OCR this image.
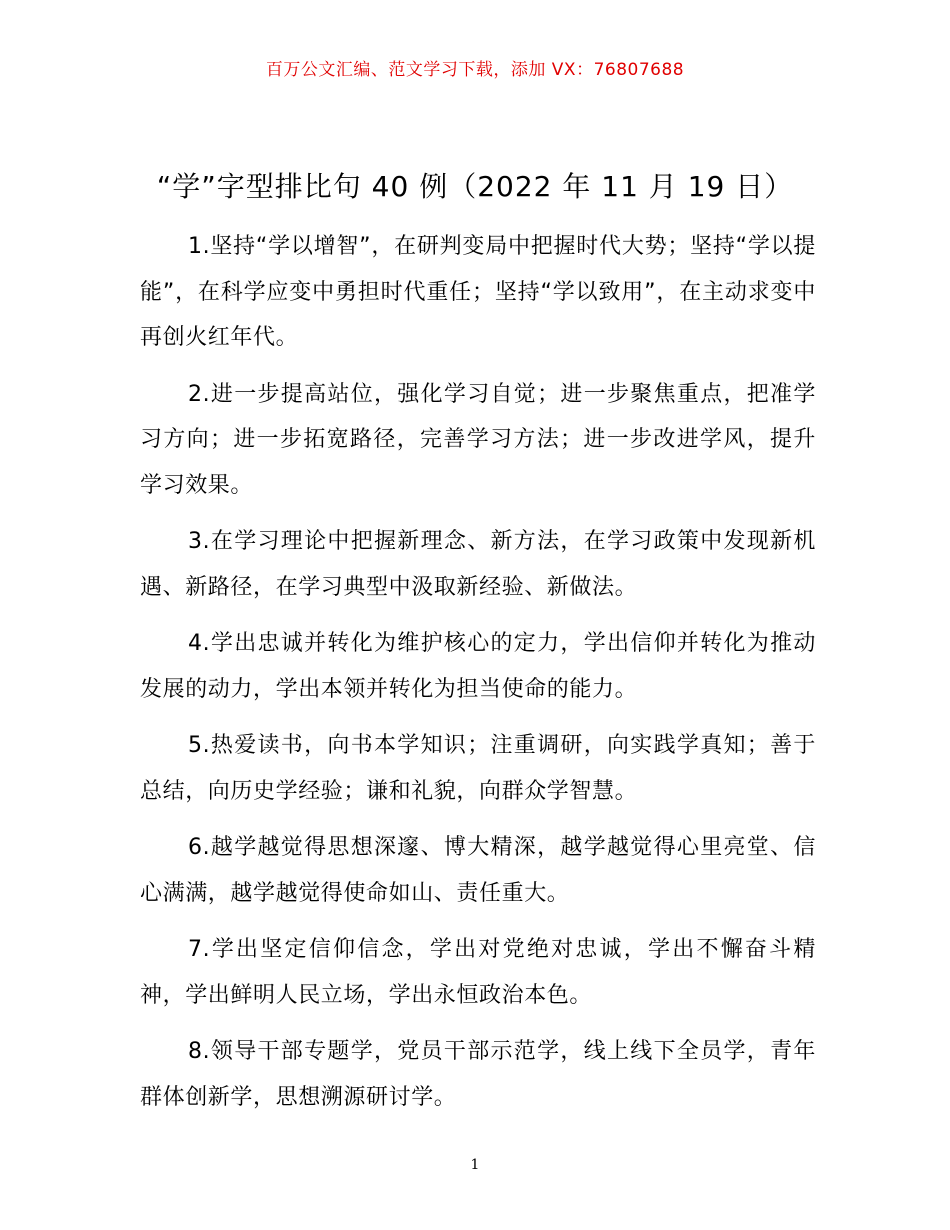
百万公文汇编、范文学习下载，添加 VX：76807688
“学”字型排比句 40 例（2022 年 11 月 19 日）

1.坚持“学以增智”，在研判变局中把握时代大势；坚持“学以提能”，在科学应变中勇担时代重任；坚持“学以致用”，在主动求变中再创火红年代。

2.进一步提高站位，强化学习自觉；进一步聚焦重点，把准学习方向；进一步拓宽路径，完善学习方法；进一步改进学风，提升学习效果。

3.在学习理论中把握新理念、新方法，在学习政策中发现新机遇、新路径，在学习典型中汲取新经验、新做法。

4.学出忠诚并转化为维护核心的定力，学出信仰并转化为推动发展的动力，学出本领并转化为担当使命的能力。

5.热爱读书，向书本学知识；注重调研，向实践学真知；善于总结，向历史学经验；谦和礼貌，向群众学智慧。

6.越学越觉得思想深邃、博大精深，越学越觉得心里亮堂、信心满满，越学越觉得使命如山、责任重大。

7.学出坚定信仰信念，学出对党绝对忠诚，学出不懈奋斗精神，学出鲜明人民立场，学出永恒政治本色。

8.领导干部专题学，党员干部示范学，线上线下全员学，青年群体创新学，思想溯源研讨学。

1
